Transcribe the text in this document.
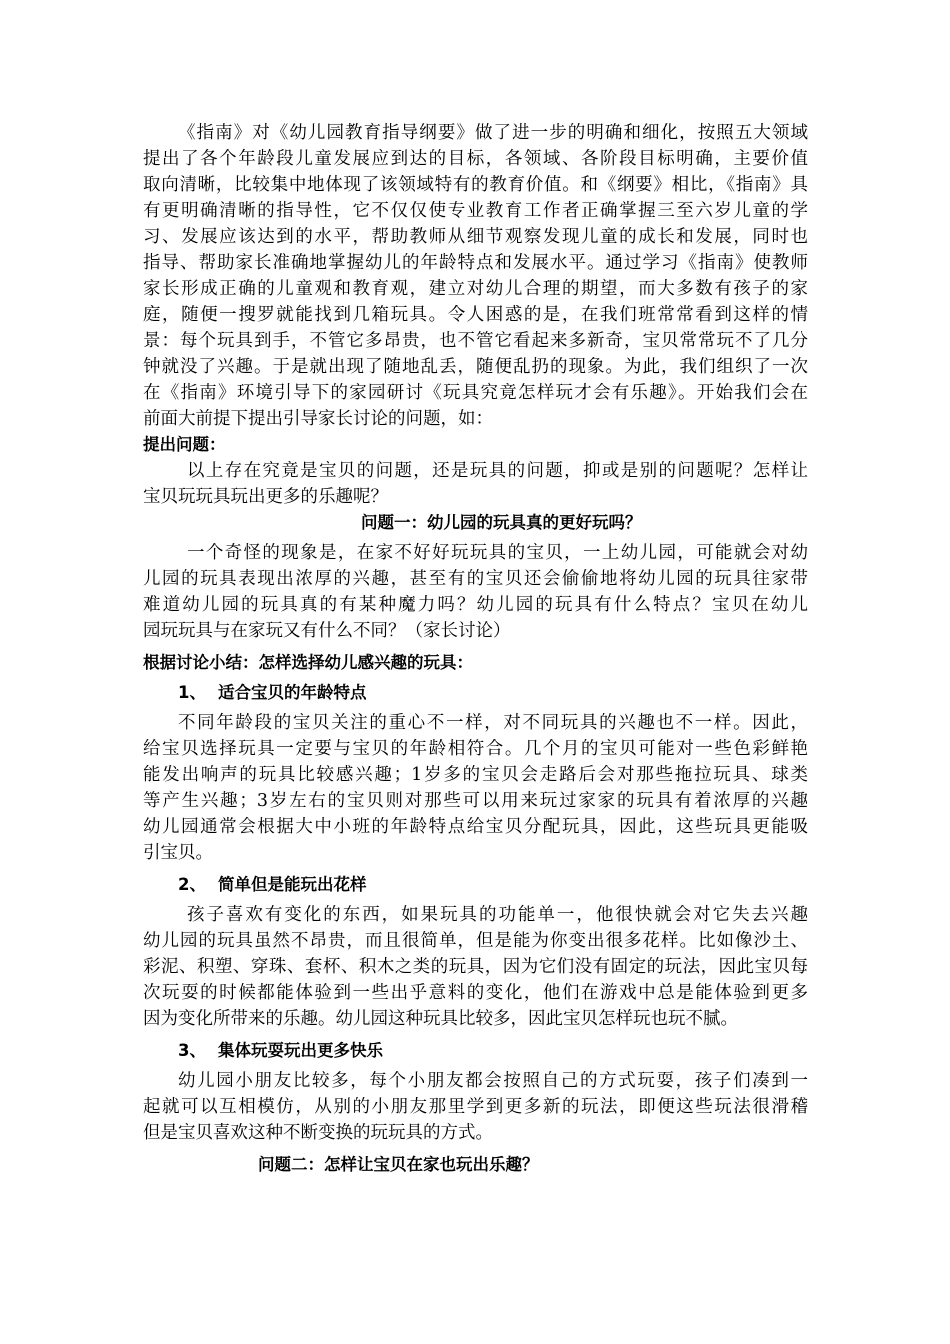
《指南》对《幼儿园教育指导纲要》做了进一步的明确和细化，按照五大领域
提出了各个年龄段儿童发展应到达的目标，各领域、各阶段目标明确，主要价值
取向清晰，比较集中地体现了该领域特有的教育价值。和《纲要》相比，《指南》具
有更明确清晰的指导性，它不仅仅使专业教育工作者正确掌握三至六岁儿童的学
习、发展应该达到的水平，帮助教师从细节观察发现儿童的成长和发展，同时也
指导、帮助家长准确地掌握幼儿的年龄特点和发展水平。通过学习《指南》使教师
家长形成正确的儿童观和教育观，建立对幼儿合理的期望，而大多数有孩子的家
庭，随便一搜罗就能找到几箱玩具。令人困惑的是，在我们班常常看到这样的情
景：每个玩具到手，不管它多昂贵，也不管它看起来多新奇，宝贝常常玩不了几分
钟就没了兴趣。于是就出现了随地乱丢，随便乱扔的现象。为此，我们组织了一次
在《指南》环境引导下的家园研讨《玩具究竟怎样玩才会有乐趣》。开始我们会在
前面大前提下提出引导家长讨论的问题，如：
提出问题：
以上存在究竟是宝贝的问题，还是玩具的问题，抑或是别的问题呢？怎样让
宝贝玩玩具玩出更多的乐趣呢？
问题一：幼儿园的玩具真的更好玩吗？
一个奇怪的现象是，在家不好好玩玩具的宝贝，一上幼儿园，可能就会对幼
儿园的玩具表现出浓厚的兴趣，甚至有的宝贝还会偷偷地将幼儿园的玩具往家带
难道幼儿园的玩具真的有某种魔力吗？幼儿园的玩具有什么特点？宝贝在幼儿
园玩玩具与在家玩又有什么不同？（家长讨论）
根据讨论小结：怎样选择幼儿感兴趣的玩具：
1、 适合宝贝的年龄特点
不同年龄段的宝贝关注的重心不一样，对不同玩具的兴趣也不一样。因此，
给宝贝选择玩具一定要与宝贝的年龄相符合。几个月的宝贝可能对一些色彩鲜艳
能发出响声的玩具比较感兴趣；1岁多的宝贝会走路后会对那些拖拉玩具、球类
等产生兴趣；3岁左右的宝贝则对那些可以用来玩过家家的玩具有着浓厚的兴趣
幼儿园通常会根据大中小班的年龄特点给宝贝分配玩具，因此，这些玩具更能吸
引宝贝。
2、 简单但是能玩出花样
孩子喜欢有变化的东西，如果玩具的功能单一，他很快就会对它失去兴趣
幼儿园的玩具虽然不昂贵，而且很简单，但是能为你变出很多花样。比如像沙土、
彩泥、积塑、穿珠、套杯、积木之类的玩具，因为它们没有固定的玩法，因此宝贝每
次玩耍的时候都能体验到一些出乎意料的变化，他们在游戏中总是能体验到更多
因为变化所带来的乐趣。幼儿园这种玩具比较多，因此宝贝怎样玩也玩不腻。
3、 集体玩耍玩出更多快乐
幼儿园小朋友比较多，每个小朋友都会按照自己的方式玩耍，孩子们凑到一
起就可以互相模仿，从别的小朋友那里学到更多新的玩法，即便这些玩法很滑稽
但是宝贝喜欢这种不断变换的玩玩具的方式。
问题二：怎样让宝贝在家也玩出乐趣？
